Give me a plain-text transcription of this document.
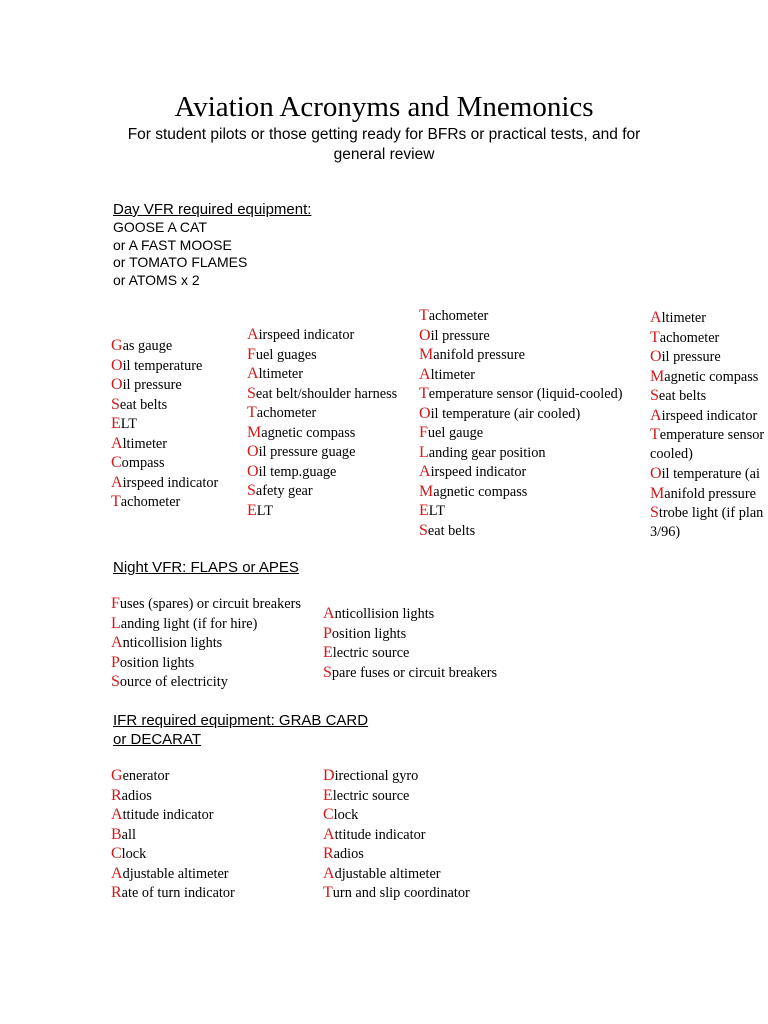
Aviation Acronyms and Mnemonics
For student pilots or those getting ready for BFRs or practical tests, and for general review
Day VFR required equipment:
GOOSE A CAT
or A FAST MOOSE
or TOMATO FLAMES
or ATOMS x 2
Gas gauge
Oil temperature
Oil pressure
Seat belts
ELT
Altimeter
Compass
Airspeed indicator
Tachometer
Airspeed indicator
Fuel guages
Altimeter
Seat belt/shoulder harness
Tachometer
Magnetic compass
Oil pressure guage
Oil temp.guage
Safety gear
ELT
Tachometer
Oil pressure
Manifold pressure
Altimeter
Temperature sensor (liquid-cooled)
Oil temperature (air cooled)
Fuel gauge
Landing gear position
Airspeed indicator
Magnetic compass
ELT
Seat belts
Altimeter
Tachometer
Oil pressure
Magnetic compass
Seat belts
Airspeed indicator
Temperature sensor
cooled)
Oil temperature (ai
Manifold pressure
Strobe light (if plan
3/96)
Night VFR: FLAPS or APES
Fuses (spares) or circuit breakers
Landing light (if for hire)
Anticollision lights
Position lights
Source of electricity
Anticollision lights
Position lights
Electric source
Spare fuses or circuit breakers
IFR required equipment: GRAB CARD
or DECARAT
Generator
Radios
Attitude indicator
Ball
Clock
Adjustable altimeter
Rate of turn indicator
Directional gyro
Electric source
Clock
Attitude indicator
Radios
Adjustable altimeter
Turn and slip coordinator
